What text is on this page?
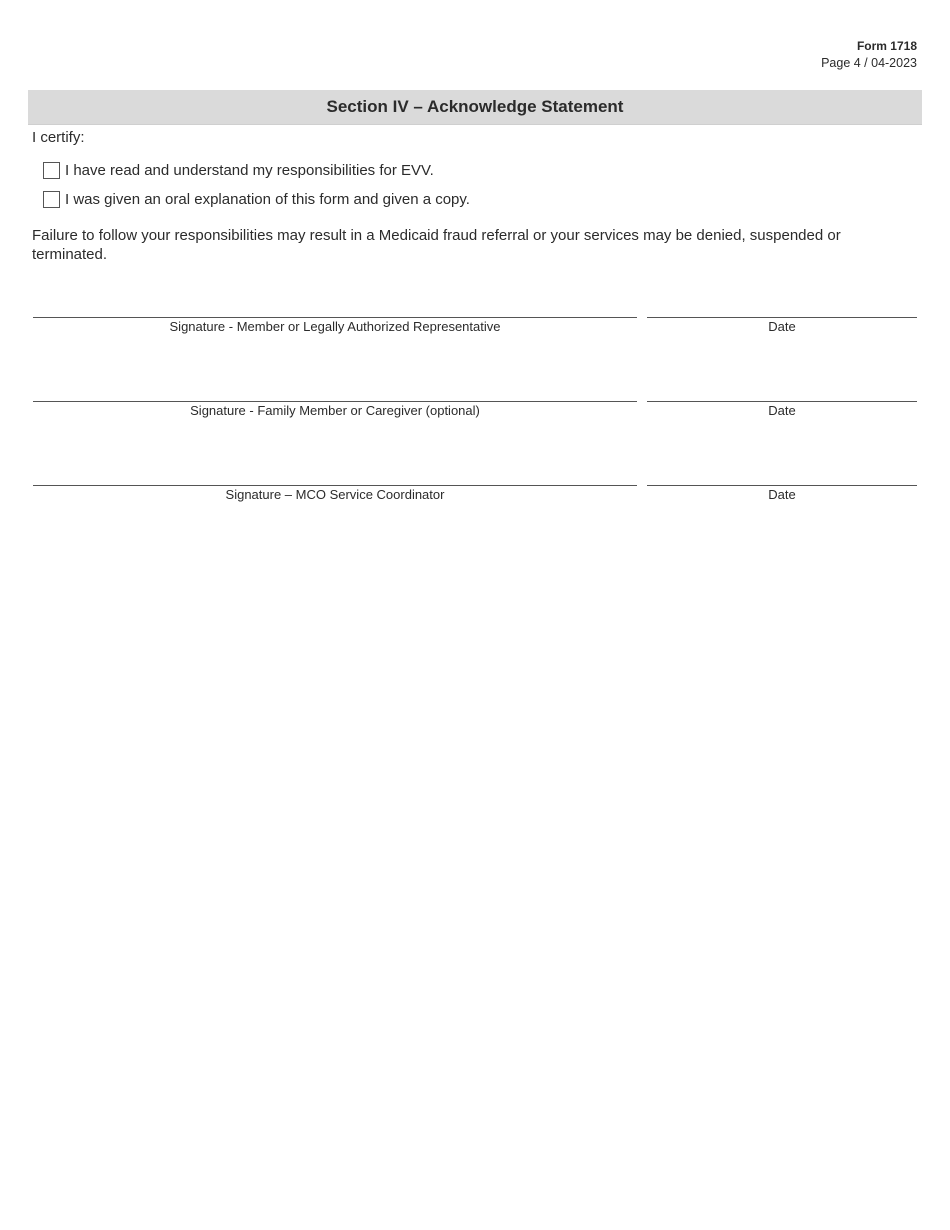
Form 1718
Page 4 / 04-2023
Section IV – Acknowledge Statement
I certify:
I have read and understand my responsibilities for EVV.
I was given an oral explanation of this form and given a copy.
Failure to follow your responsibilities may result in a Medicaid fraud referral or your services may be denied, suspended or terminated.
Signature - Member or Legally Authorized Representative	Date
Signature - Family Member or Caregiver (optional)	Date
Signature – MCO Service Coordinator	Date
